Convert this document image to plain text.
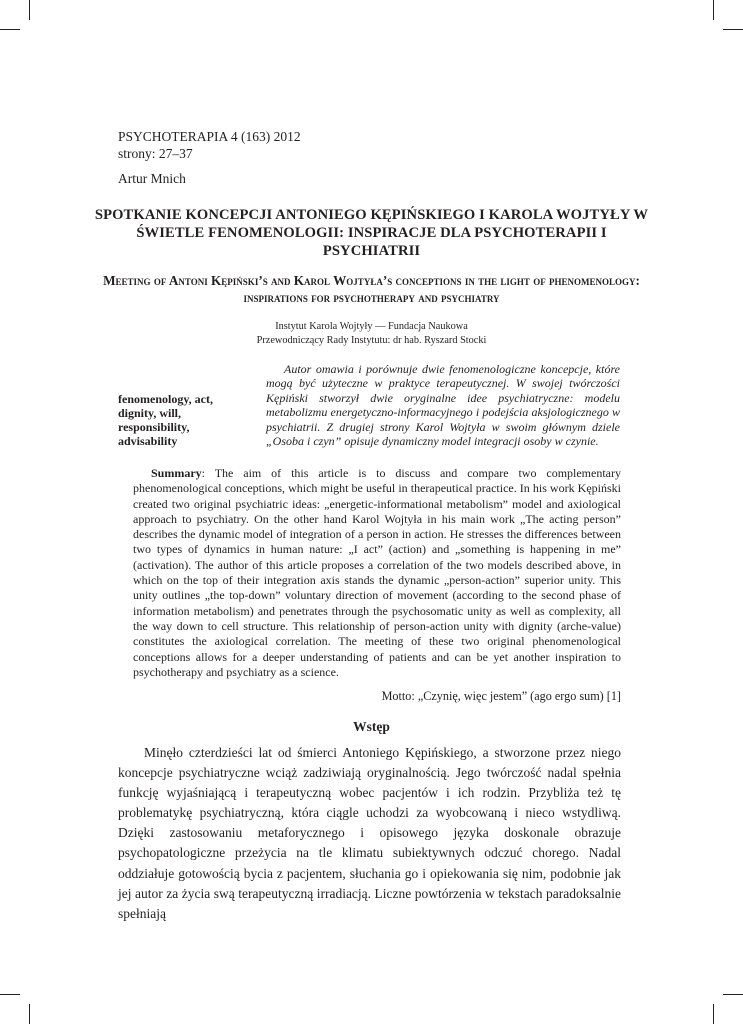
PSYCHOTERAPIA 4 (163) 2012
strony: 27–37
Artur Mnich
SPOTKANIE KONCEPCJI ANTONIEGO KĘPIŃSKIEGO I KAROLA WOJTYŁY W ŚWIETLE FENOMENOLOGII: INSPIRACJE DLA PSYCHOTERAPII I PSYCHIATRII
Meeting of Antoni Kępiński’s and Karol Wojtyła’s conceptions in the light of phenomenology: inspirations for psychotherapy and psychiatry
Instytut Karola Wojtyły — Fundacja Naukowa
Przewodniczący Rady Instytutu: dr hab. Ryszard Stocki
fenomenology, act, dignity, will, responsibility, advisability
Autor omawia i porównuje dwie fenomenologiczne koncepcje, które mogą być użyteczne w praktyce terapeutycznej. W swojej twórczości Kępiński stworzył dwie oryginalne idee psychiatryczne: modelu metabolizmu energetyczno-informacyjnego i podejścia aksjologicznego w psychiatrii. Z drugiej strony Karol Wojtyła w swoim głównym dziele „Osoba i czyn” opisuje dynamiczny model integracji osoby w czynie.
Summary: The aim of this article is to discuss and compare two complementary phenomenological conceptions, which might be useful in therapeutical practice. In his work Kępiński created two original psychiatric ideas: „energetic-informational metabolism” model and axiological approach to psychiatry. On the other hand Karol Wojtyła in his main work „The acting person” describes the dynamic model of integration of a person in action. He stresses the differences between two types of dynamics in human nature: „I act” (action) and „something is happening in me” (activation). The author of this article proposes a correlation of the two models described above, in which on the top of their integration axis stands the dynamic „person-action” superior unity. This unity outlines „the top-down” voluntary direction of movement (according to the second phase of information metabolism) and penetrates through the psychosomatic unity as well as complexity, all the way down to cell structure. This relationship of person-action unity with dignity (arche-value) constitutes the axiological correlation. The meeting of these two original phenomenological conceptions allows for a deeper understanding of patients and can be yet another inspiration to psychotherapy and psychiatry as a science.
Motto: „Czynię, więc jestem” (ago ergo sum) [1]
Wstęp
Minęło czterdzieści lat od śmierci Antoniego Kępińskiego, a stworzone przez niego koncepcje psychiatryczne wciąż zadziwiają oryginalnością. Jego twórczość nadal spełnia funkcję wyjaśniającą i terapeutyczną wobec pacjentów i ich rodzin. Przybliża też tę problematykę psychiatryczną, która ciągle uchodzi za wyobcowaną i nieco wstydliwą. Dzięki zastosowaniu metaforycznego i opisowego języka doskonale obrazuje psychopatologiczne przeżycia na tle klimatu subiektywnych odczuć chorego. Nadal oddziałuje gotowością bycia z pacjentem, słuchania go i opiekowania się nim, podobnie jak jej autor za życia swą terapeutyczną irradiacją. Liczne powtórzenia w tekstach paradoksalnie spełniają
